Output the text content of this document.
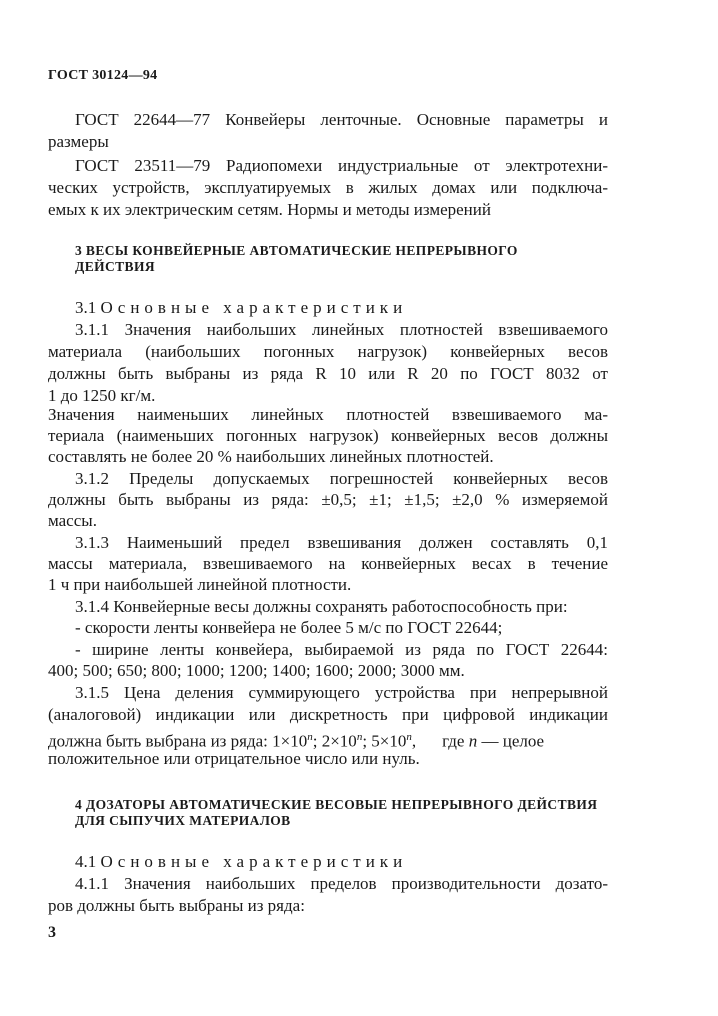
ГОСТ 30124—94
ГОСТ 22644—77 Конвейеры ленточные. Основные параметры и
размеры
ГОСТ 23511—79 Радиопомехи индустриальные от электротехни-
ческих устройств, эксплуатируемых в жилых домах или подключа-
емых к их электрическим сетям. Нормы и методы измерений
3 ВЕСЫ КОНВЕЙЕРНЫЕ АВТОМАТИЧЕСКИЕ НЕПРЕРЫВНОГО
ДЕЙСТВИЯ
3.1 Основные характеристики
3.1.1 Значения наибольших линейных плотностей взвешиваемого
материала (наибольших погонных нагрузок) конвейерных весов
должны быть выбраны из ряда R 10 или R 20 по ГОСТ 8032 от
1 до 1250 кг/м.
Значения наименьших линейных плотностей взвешиваемого ма-
териала (наименьших погонных нагрузок) конвейерных весов должны
составлять не более 20 % наибольших линейных плотностей.
3.1.2 Пределы допускаемых погрешностей конвейерных весов
должны быть выбраны из ряда: ±0,5; ±1; ±1,5; ±2,0 % измеряемой
массы.
3.1.3 Наименьший предел взвешивания должен составлять 0,1
массы материала, взвешиваемого на конвейерных весах в течение
1 ч при наибольшей линейной плотности.
3.1.4 Конвейерные весы должны сохранять работоспособность при:
- скорости ленты конвейера не более 5 м/с по ГОСТ 22644;
- ширине ленты конвейера, выбираемой из ряда по ГОСТ 22644:
400; 500; 650; 800; 1000; 1200; 1400; 1600; 2000; 3000 мм.
3.1.5 Цена деления суммирующего устройства при непрерывной
(аналоговой) индикации или дискретность при цифровой индикации
должна быть выбрана из ряда: $1\times 10^n$; $2\times 10^n$; $5\times 10^n$, где n — целое
положительное или отрицательное число или нуль.
4 ДОЗАТОРЫ АВТОМАТИЧЕСКИЕ ВЕСОВЫЕ НЕПРЕРЫВНОГО ДЕЙСТВИЯ
ДЛЯ СЫПУЧИХ МАТЕРИАЛОВ
4.1 Основные характеристики
4.1.1 Значения наибольших пределов производительности дозато-
ров должны быть выбраны из ряда:
3
